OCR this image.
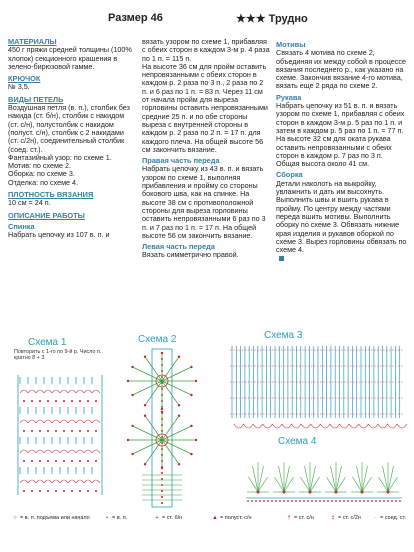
Размер 46	★★★ Трудно
МАТЕРИАЛЫ
450 г пряжи средней толщины (100% хлопок) секционного крашения в зелено-бирюзовой гамме.
КРЮЧОК
№ 3,5.
ВИДЫ ПЕТЕЛЬ
Воздушная петля (в. п.), столбик без накида (ст. б/н), столбик с накидом (ст. с/н), полустолбик с накидом (полуст. с/н), столбик с 2 накидами (ст. с/2н), соединительный столбик (соед. ст.).
Фантазийный узор: по схеме 1.
Мотив: по схеме 2.
Оборка: по схеме 3.
Отделка: по схеме 4.
ПЛОТНОСТЬ ВЯЗАНИЯ
10 см = 24 п.
ОПИСАНИЕ РАБОТЫ
Спинка
Набрать цепочку из 107 в. п. и
вязать узором по схеме 1, прибавляя с обеих сторон в каждом 3-м р. 4 раза по 1 п. = 115 п.
На высоте 36 см для пройм оставить непровязанными с обеих сторон в каждом р. 2 раза по 3 п., 2 раза по 2 п. и 6 раз по 1 п. = 83 п. Через 11 см от начала пройм для выреза горловины оставить непровязанными средние 25 п. и по обе стороны выреза с внутренней стороны в каждом р. 2 раза по 2 п. = 17 п. для каждого плеча. На общей высоте 56 см закончить вязание.
Правая часть переда
Набрать цепочку из 43 в. п. и вязать узором по схеме 1, выполняя прибавления и пройму со стороны бокового шва, как на спинке. На высоте 38 см с противоположной стороны для выреза горловины оставить непровязанными 6 раз по 3 п. и 7 раз по 1 п. = 17 п. На общей высоте 56 см закончить вязание.
Левая часть переда
Вязать симметрично правой.
Мотивы
Связать 4 мотива по схеме 2, объединяя их между собой в процессе вязания последнего р., как указано на схеме. Закончив вязание 4-го мотива, вязать еще 2 ряда по схеме 2.
Рукава
Набрать цепочку из 51 в. п. и вязать узором по схеме 1, прибавляя с обеих сторон в каждом 3-м р. 5 раз по 1 п. и затем в каждом р. 5 раз по 1 п. = 77 п.
На высоте 32 см для оката рукава оставить непровязанными с обеих сторон в каждом р. 7 раз по 3 п. Общая высота около 41 см.
Сборка
Детали наколоть на выкройку, увлажнить и дать им высохнуть. Выполнить швы и вшить рукава в пройму. По центру между частями переда вшить мотивы. Выполнить оборку по схеме 3. Обвязать нижние края изделия и рукавов оборкой по схеме 3. Вырез горловины обвязать по схеме 4.
Схема 1
Повторить с 1-го по 9-й р. Число п. кратно 8 + 3
Схема 2	Схема 3
Схема 4
○ = в. п. подъема или начало	• = в. п.	+ = ст. б/н	▲ = полуст. с/н	† = ст. с/н	‡ = ст. с/2н	∙ = соед. ст.
